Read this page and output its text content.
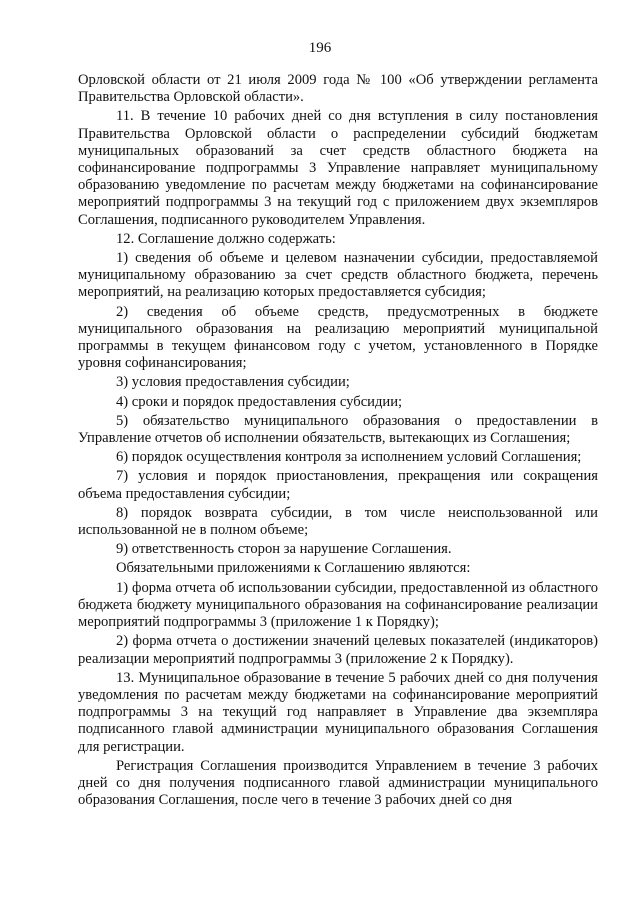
196

Орловской области от 21 июля 2009 года № 100 «Об утверждении регламента Правительства Орловской области».

11. В течение 10 рабочих дней со дня вступления в силу постановления Правительства Орловской области о распределении субсидий бюджетам муниципальных образований за счет средств областного бюджета на софинансирование подпрограммы 3 Управление направляет муниципальному образованию уведомление по расчетам между бюджетами на софинансирование мероприятий подпрограммы 3 на текущий год с приложением двух экземпляров Соглашения, подписанного руководителем Управления.

12. Соглашение должно содержать:

1) сведения об объеме и целевом назначении субсидии, предоставляемой муниципальному образованию за счет средств областного бюджета, перечень мероприятий, на реализацию которых предоставляется субсидия;

2) сведения об объеме средств, предусмотренных в бюджете муниципального образования на реализацию мероприятий муниципальной программы в текущем финансовом году с учетом, установленного в Порядке уровня софинансирования;

3) условия предоставления субсидии;

4) сроки и порядок предоставления субсидии;

5) обязательство муниципального образования о предоставлении в Управление отчетов об исполнении обязательств, вытекающих из Соглашения;

6) порядок осуществления контроля за исполнением условий Соглашения;

7) условия и порядок приостановления, прекращения или сокращения объема предоставления субсидии;

8) порядок возврата субсидии, в том числе неиспользованной или использованной не в полном объеме;

9) ответственность сторон за нарушение Соглашения.

Обязательными приложениями к Соглашению являются:

1) форма отчета об использовании субсидии, предоставленной из областного бюджета бюджету муниципального образования на софинансирование реализации мероприятий подпрограммы 3 (приложение 1 к Порядку);

2) форма отчета о достижении значений целевых показателей (индикаторов) реализации мероприятий подпрограммы 3 (приложение 2 к Порядку).

13. Муниципальное образование в течение 5 рабочих дней со дня получения уведомления по расчетам между бюджетами на софинансирование мероприятий подпрограммы 3 на текущий год направляет в Управление два экземпляра подписанного главой администрации муниципального образования Соглашения для регистрации.

Регистрация Соглашения производится Управлением в течение 3 рабочих дней со дня получения подписанного главой администрации муниципального образования Соглашения, после чего в течение 3 рабочих дней со дня
